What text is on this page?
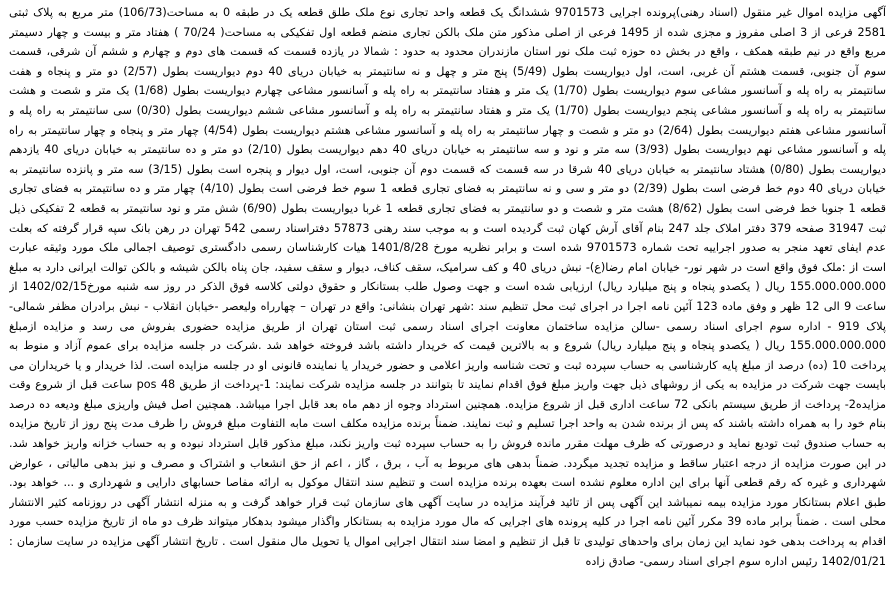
آگهی مزایده اموال غیر منقول (اسناد رهنی)پرونده اجرایی 9701573 ششدانگ یک قطعه واحد تجاری نوع ملک طلق قطعه یک در طبقه 0 به مساحت(106/73) متر مربع به پلاک ثبتی 2581 فرعی از 3 اصلی مفروز و مجزی شده از 1495 فرعی از اصلی مذکور متن ملک بالکن تجاری منضم قطعه اول تفکیکی به مساحت( 70/24 ) هفتاد متر و بیست و چهار دسیمتر مربع واقع در نیم طبقه همکف ، واقع در بخش ده حوزه ثبت ملک نور استان مازندران محدود به حدود : شمالا در یازده قسمت که قسمت های دوم و چهارم و ششم آن شرقی، قسمت سوم آن جنوبی، قسمت هشتم آن غربی، است، اول دیواریست بطول (5/49) پنج متر و چهل و نه سانتیمتر به خیابان دریای 40 دوم دیواریست بطول (2/57) دو متر و پنجاه و هفت سانتیمتر به راه پله و آسانسور مشاعی سوم دیواریست بطول (1/70) یک متر و هفتاد سانتیمتر به راه پله و آسانسور مشاعی چهارم دیواریست بطول (1/68) یک متر و شصت و هشت سانتیمتر به راه پله و آسانسور مشاعی پنجم دیواریست بطول (1/70) یک متر و هفتاد سانتیمتر به راه پله و آسانسور مشاعی ششم دیواریست بطول (0/30) سی سانتیمتر به راه پله و آسانسور مشاعی هفتم دیواریست بطول (2/64) دو متر و شصت و چهار سانتیمتر به راه پله و آسانسور مشاعی هشتم دیواریست بطول (4/54) چهار متر و پنجاه و چهار سانتیمتر به راه پله و آسانسور مشاعی نهم دیواریست بطول (3/93) سه متر و نود و سه سانتیمتر به خیابان دریای 40 دهم دیواریست بطول (2/10) دو متر و ده سانتیمتر به خیابان دریای 40 یازدهم دیواریست بطول (0/80) هشتاد سانتیمتر به خیابان دریای 40 شرقا در سه قسمت که قسمت دوم آن جنوبی، است، اول دیوار و پنجره است بطول (3/15) سه متر و پانزده سانتیمتر به خیابان دریای 40 دوم خط فرضی است بطول (2/39) دو متر و سی و نه سانتیمتر به فضای تجاری قطعه 1 سوم خط فرضی است بطول (4/10) چهار متر و ده سانتیمتر به فضای تجاری قطعه 1 جنوبا خط فرضی است بطول (8/62) هشت متر و شصت و دو سانتیمتر به فضای تجاری قطعه 1 غربا دیواریست بطول (6/90) شش متر و نود سانتیمتر به قطعه 2 تفکیکی ذیل ثبت 31947 صفحه 379 دفتر املاک جلد 247 بنام آقای آرش کهان ثبت گردیده است و به موجب سند رهنی 57873 دفترا‌سناد رسمی 542 تهران در رهن بانک سپه قرار گرفته که بعلت عدم ایفای تعهد منجر به صدور اجراییه تحت شماره 9701573 شده است و برابر نظریه مورخ 1401/8/28 هیات کارشناسان رسمی دادگستری توصیف اجمالی ملک مورد وثیقه عبارت است از :ملک فوق واقع است در شهر نور- خیابان امام رضا(ع)- نبش دریای 40 و کف سرامیک، سقف کناف، دیوار و سقف سفید، جان پناه بالکن شیشه و بالکن توالت ایرانی دارد به مبلغ 155.000.000.000 ریال ( یکصدو پنجاه و پنج میلیارد ریال) ارزیابی شده است و جهت وصول طلب بستانکار و حقوق دولتی کلاسه فوق الذکر در روز سه شنبه مورخ1402/02/15 از ساعت 9 الی 12 ظهر و وفق ماده 123 آئین نامه اجرا در اجرای ثبت محل تنظیم سند :شهر تهران بنشانی: واقع در تهران – چهارراه ولیعصر -خیابان انقلاب - نبش برادران مظفر شمالی- پلاک 919 - اداره سوم اجرای اسناد رسمی -سالن مزایده ساختمان معاونت اجرای اسناد رسمی ثبت استان تهران از طریق مزایده حضوری بفروش می رسد و مزایده ازمبلغ 155.000.000.000 ریال ( یکصدو پنجاه و پنج میلیارد ریال) شروع و به بالاترین قیمت که خریدار داشته باشد فروخته خواهد شد .شرکت در جلسه مزایده برای عموم آزاد و منوط به پرداخت 10 (ده) درصد از مبلغ پایه کارشناسی به حساب سپرده ثبت و تحت شناسه واریز اعلامی و حضور خریدار یا نماینده قانونی او در جلسه مزایده است. لذا خریدار و یا خریداران می بایست جهت شرکت در مزایده به یکی از روشهای ذیل جهت واریز مبلغ فوق اقدام نمایند تا بتوانند در جلسه مزایده شرکت نمایند: 1-پرداخت از طریق pos 48 ساعت قبل از شروع وقت مزایده2- پرداخت از طریق سیستم بانکی 72 ساعت اداری قبل از شروع مزایده. همچنین استرداد وجوه از دهم ماه بعد قابل اجرا میباشد. همچنین اصل فیش واریزی مبلغ ودیعه ده درصد بنام خود را به همراه داشته باشند که پس از برنده شدن به واحد اجرا تسلیم و ثبت نمایند. ضمناً برنده مزایده مکلف است مابه التفاوت مبلغ فروش را ظرف مدت پنج روز از تاریخ مزایده به حساب صندوق ثبت تودیع نماید و درصورتی که ظرف مهلت مقرر مانده فروش را به حساب سپرده ثبت واریز نکند، مبلغ مذکور قابل استرداد نبوده و به حساب خزانه واریز خواهد شد. در این صورت مزایده از درجه اعتبار ساقط و مزایده تجدید میگردد. ضمناً بدهی های مربوط به آب ، برق ، گاز ، اعم از حق انشعاب و اشتراک و مصرف و نیز بدهی مالیاتی ، عوارض شهرداری و غیره که رقم قطعی آنها برای این اداره معلوم نشده است بعهده برنده مزایده است و تنظیم سند انتقال موکول به ارائه مفاصا حسابهای دارایی و شهرداری و ... خواهد بود. طبق اعلام بستانکار مورد مزایده بیمه نمیباشد این آگهی پس از تائید فرآیند مزایده در سایت آگهی های سازمان ثبت قرار خواهد گرفت و به منزله انتشار آگهی در روزنامه کثیر الانتشار محلی است . ضمناً برابر ماده 39 مکرر آئین نامه اجرا در کلیه پرونده های اجرایی که مال مورد مزایده به بستانکار واگذار میشود بدهکار میتواند ظرف دو ماه از تاریخ مزایده حسب مورد اقدام به پرداخت بدهی خود نماید این زمان برای واحدهای تولیدی تا قبل از تنظیم و امضا سند انتقال اجرایی اموال یا تحویل مال منقول است . تاریخ انتشار آگهی مزایده در سایت سازمان : 1402/01/21 رئیس اداره سوم اجرای اسناد رسمی- صادق زاده
